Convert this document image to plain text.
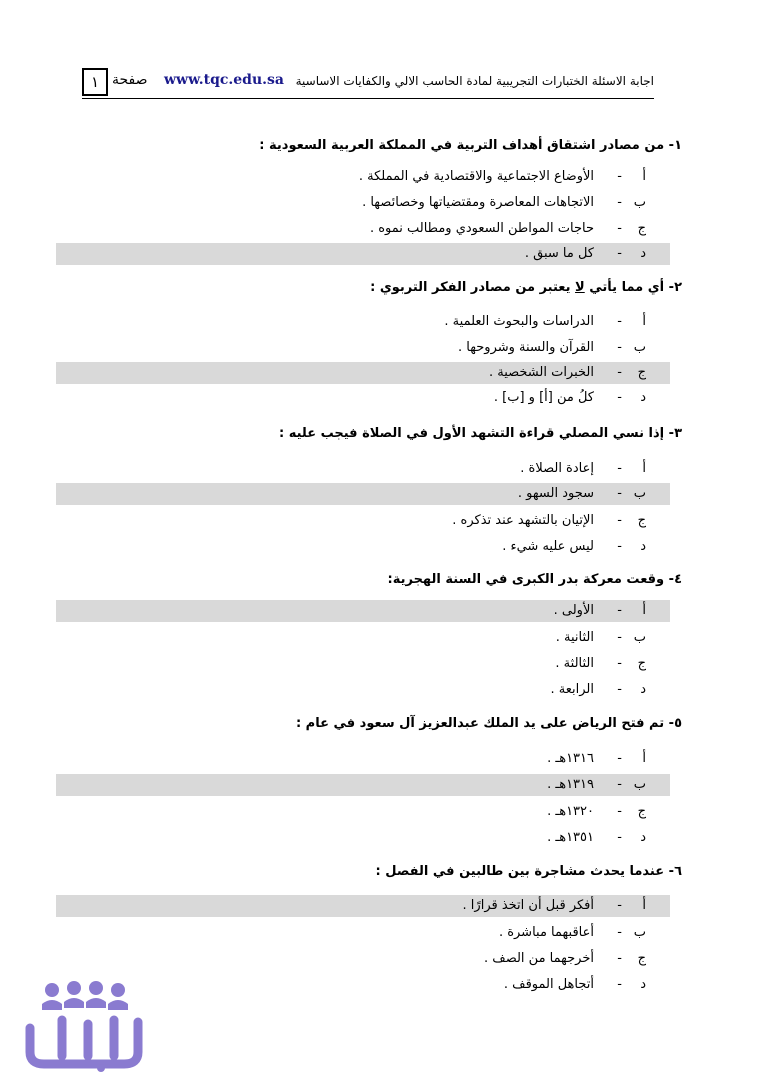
١ صفحة www.tqc.edu.sa اجابة الاسئلة الختبارات التجريبية لمادة الحاسب الالي والكفايات الاساسية
١- من مصادر اشتقاق أهداف التربية في المملكة العربية السعودية :
أ
-
الأوضاع الاجتماعية والاقتصادية في المملكة .
ب
-
الاتجاهات المعاصرة ومقتضياتها وخصائصها .
ج
-
حاجات المواطن السعودي ومطالب نموه .
د
-
كل ما سبق .
٢- أي مما يأتي لا يعتبر من مصادر الفكر التربوي :
أ
-
الدراسات والبحوث العلمية .
ب
-
القرآن والسنة وشروحها .
ج
-
الخبرات الشخصية .
د
-
كلُ من [أ] و [ب] .
٣- إذا نسي المصلي قراءة التشهد الأول في الصلاة فيجب عليه :
أ
-
إعادة الصلاة .
ب
-
سجود السهو .
ج
-
الإتيان بالتشهد عند تذكره .
د
-
ليس عليه شيء .
٤- وقعت معركة بدر الكبرى في السنة الهجرية:
أ
-
الأولى .
ب
-
الثانية .
ج
-
الثالثة .
د
-
الرابعة .
٥- تم فتح الرياض على يد الملك عبدالعزيز آل سعود في عام :
أ
-
١٣١٦هـ .
ب
-
١٣١٩هـ .
ج
-
١٣٢٠هـ .
د
-
١٣٥١هـ .
٦- عندما يحدث مشاجرة بين طالبين في الفصل :
أ
-
أفكر قبل أن اتخذ قرارًا .
ب
-
أعاقبهما مباشرة .
ج
-
أخرجهما من الصف .
د
-
أتجاهل الموقف .
